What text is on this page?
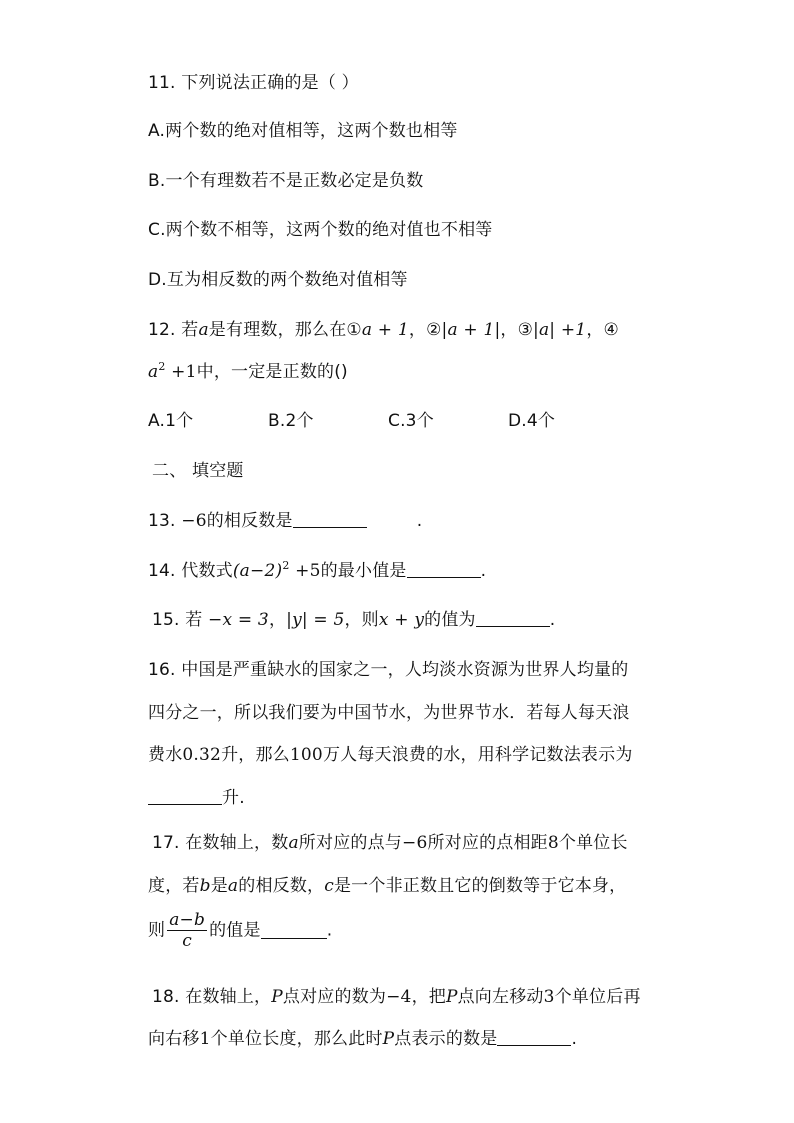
11. 下列说法正确的是（ ）
A.两个数的绝对值相等，这两个数也相等
B.一个有理数若不是正数必定是负数
C.两个数不相等，这两个数的绝对值也不相等
D.互为相反数的两个数绝对值相等
12. 若a是有理数，那么在①a + 1，②|a + 1|，③|a| +1，④
$a^2 +1$中，一定是正数的()
A.1个	B.2个	C.3个	D.4个
二、 填空题
13. −6的相反数是	.
14. 代数式$(a-2)^2 +5$的最小值是	.
15. 若 −x = 3，|y| = 5，则x + y的值为	.
16. 中国是严重缺水的国家之一，人均淡水资源为世界人均量的
四分之一，所以我们要为中国节水，为世界节水．若每人每天浪
费水0.32升，那么100万人每天浪费的水，用科学记数法表示为
升.
17. 在数轴上，数a所对应的点与−6所对应的点相距8个单位长
度，若b是a的相反数，c是一个非正数且它的倒数等于它本身，
则 $\frac{a-b}{c}$ 的值是	.
18. 在数轴上，P点对应的数为−4，把P点向左移动3个单位后再
向右移1个单位长度，那么此时P点表示的数是	.
